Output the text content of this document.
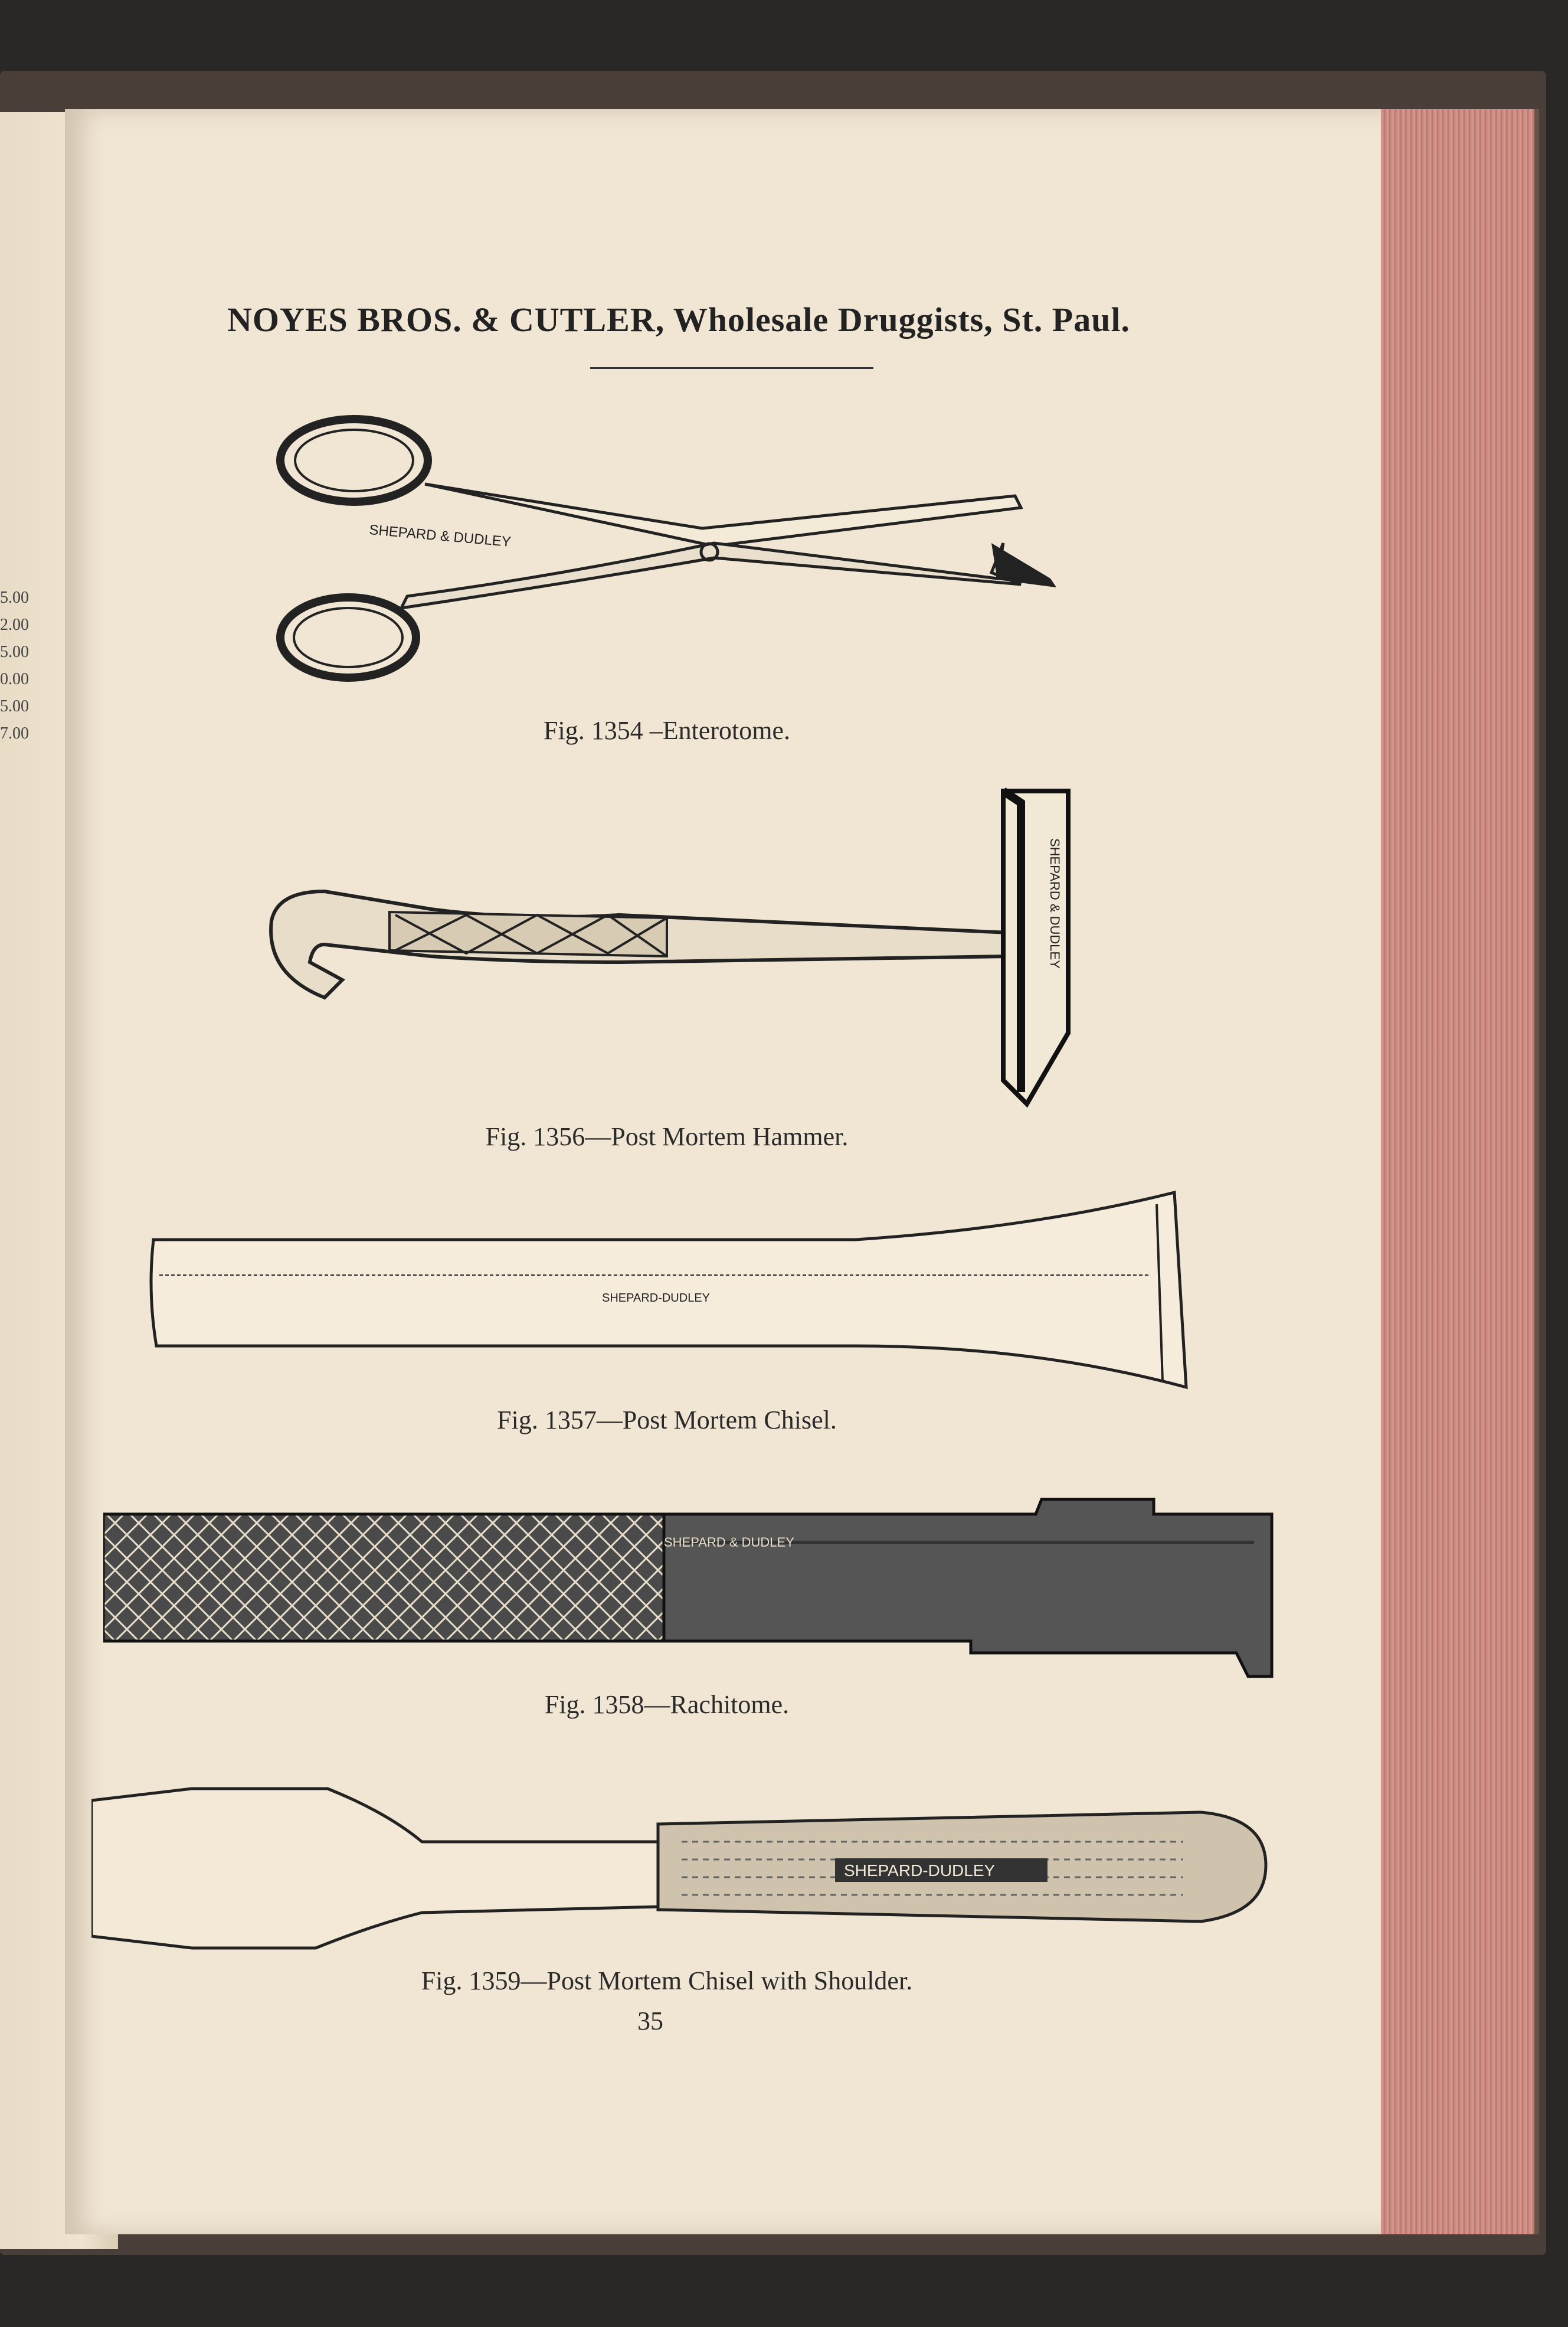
5.00
2.00
5.00
0.00
5.00
7.00
NOYES BROS. & CUTLER, Wholesale Druggists, St. Paul.
SHEPARD & DUDLEY
Fig. 1354 –Enterotome.
SHEPARD & DUDLEY
Fig. 1356—Post Mortem Hammer.
SHEPARD-DUDLEY
Fig. 1357—Post Mortem Chisel.
SHEPARD & DUDLEY
Fig. 1358—Rachitome.
SHEPARD-DUDLEY
Fig. 1359—Post Mortem Chisel with Shoulder.
35
